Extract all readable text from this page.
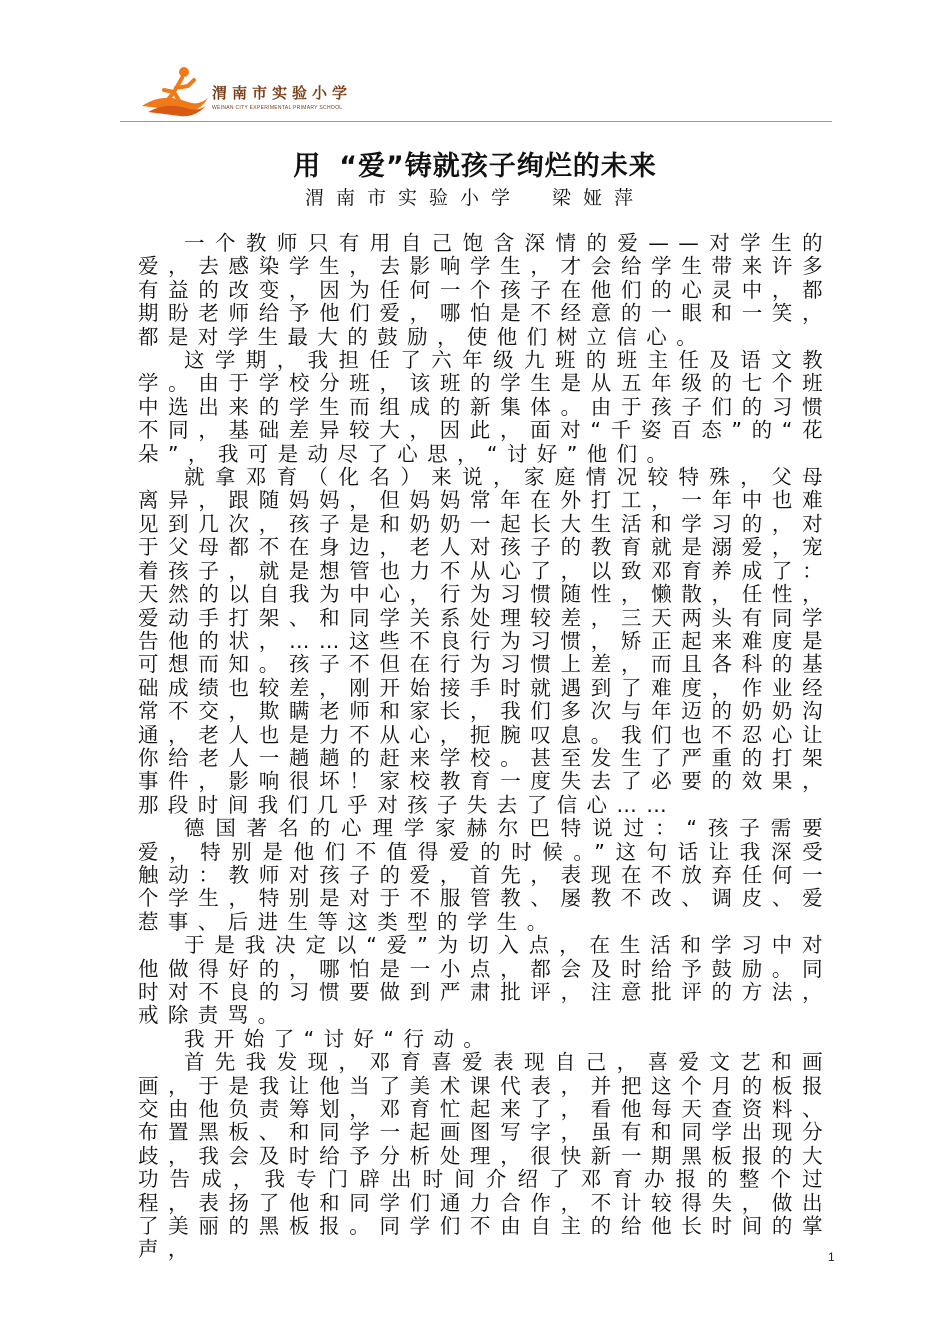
渭南市实验小学
WEINAN CITY EXPERIMENTAL PRIMARY SCHOOL
用 “爱”铸就孩子绚烂的未来
渭南市实验小学 梁娅萍

一个教师只有用自己饱含深情的爱——对学生的爱，去感染学生，去影响学生，才会给学生带来许多有益的改变，因为任何一个孩子在他们的心灵中，都期盼老师给予他们爱，哪怕是不经意的一眼和一笑，都是对学生最大的鼓励，使他们树立信心。

这学期，我担任了六年级九班的班主任及语文教学。由于学校分班，该班的学生是从五年级的七个班中选出来的学生而组成的新集体。由于孩子们的习惯不同，基础差异较大，因此，面对“千姿百态”的“花朵”，我可是动尽了心思，“讨好”他们。

就拿邓育（化名）来说，家庭情况较特殊，父母离异，跟随妈妈，但妈妈常年在外打工，一年中也难见到几次，孩子是和奶奶一起长大生活和学习的，对于父母都不在身边，老人对孩子的教育就是溺爱，宠着孩子，就是想管也力不从心了，以致邓育养成了：天然的以自我为中心，行为习惯随性，懒散，任性，爱动手打架、和同学关系处理较差，三天两头有同学告他的状，……这些不良行为习惯，矫正起来难度是可想而知。孩子不但在行为习惯上差，而且各科的基础成绩也较差，刚开始接手时就遇到了难度，作业经常不交，欺瞒老师和家长，我们多次与年迈的奶奶沟通，老人也是力不从心，扼腕叹息。我们也不忍心让你给老人一趟趟的赶来学校。甚至发生了严重的打架事件，影响很坏！家校教育一度失去了必要的效果，那段时间我们几乎对孩子失去了信心……

德国著名的心理学家赫尔巴特说过：“孩子需要爱，特别是他们不值得爱的时候。”这句话让我深受触动：教师对孩子的爱，首先，表现在不放弃任何一个学生，特别是对于不服管教、屡教不改、调皮、爱惹事、后进生等这类型的学生。

于是我决定以“爱”为切入点，在生活和学习中对他做得好的，哪怕是一小点，都会及时给予鼓励。同时对不良的习惯要做到严肃批评，注意批评的方法，戒除责骂。

我开始了“讨好“行动。

首先我发现，邓育喜爱表现自己，喜爱文艺和画画，于是我让他当了美术课代表，并把这个月的板报交由他负责筹划，邓育忙起来了，看他每天查资料、布置黑板、和同学一起画图写字，虽有和同学出现分歧，我会及时给予分析处理，很快新一期黑板报的大功告成，我专门辟出时间介绍了邓育办报的整个过程，表扬了他和同学们通力合作，不计较得失，做出了美丽的黑板报。同学们不由自主的给他长时间的掌声，	1
